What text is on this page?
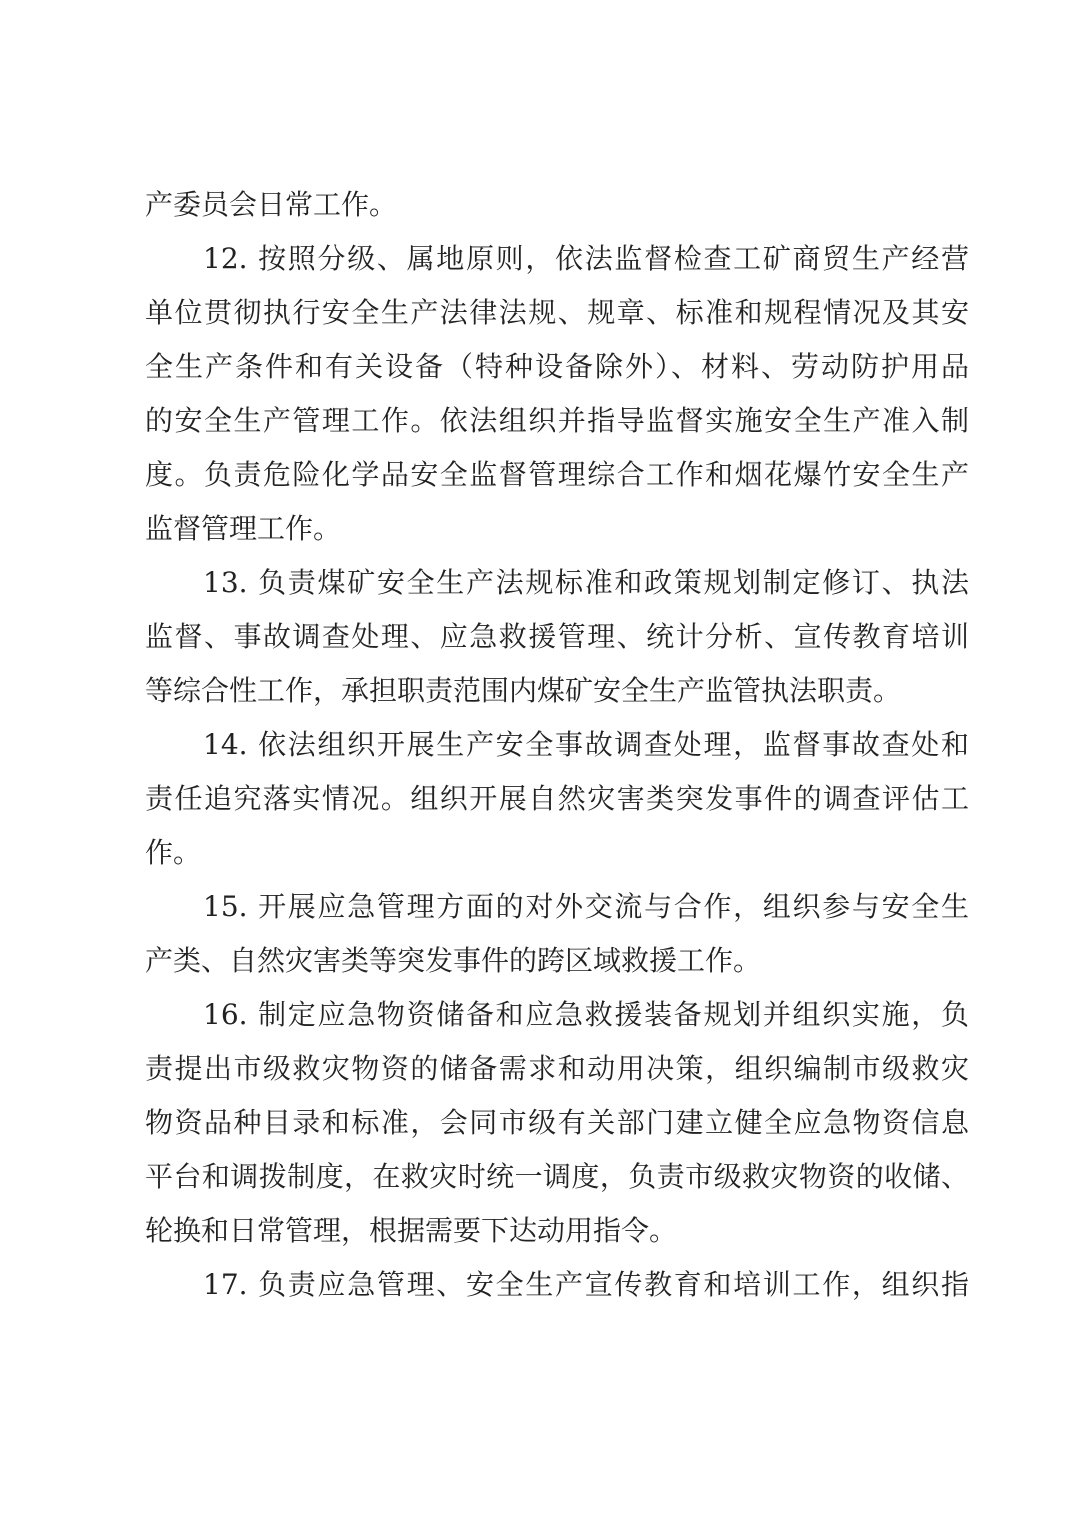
产委员会日常工作。
12. 按照分级、属地原则，依法监督检查工矿商贸生产经营
单位贯彻执行安全生产法律法规、规章、标准和规程情况及其安
全生产条件和有关设备（特种设备除外）、材料、劳动防护用品
的安全生产管理工作。依法组织并指导监督实施安全生产准入制
度。负责危险化学品安全监督管理综合工作和烟花爆竹安全生产
监督管理工作。
13. 负责煤矿安全生产法规标准和政策规划制定修订、执法
监督、事故调查处理、应急救援管理、统计分析、宣传教育培训
等综合性工作，承担职责范围内煤矿安全生产监管执法职责。
14. 依法组织开展生产安全事故调查处理，监督事故查处和
责任追究落实情况。组织开展自然灾害类突发事件的调查评估工
作。
15. 开展应急管理方面的对外交流与合作，组织参与安全生
产类、自然灾害类等突发事件的跨区域救援工作。
16. 制定应急物资储备和应急救援装备规划并组织实施，负
责提出市级救灾物资的储备需求和动用决策，组织编制市级救灾
物资品种目录和标准，会同市级有关部门建立健全应急物资信息
平台和调拨制度，在救灾时统一调度，负责市级救灾物资的收储、
轮换和日常管理，根据需要下达动用指令。
17. 负责应急管理、安全生产宣传教育和培训工作，组织指
